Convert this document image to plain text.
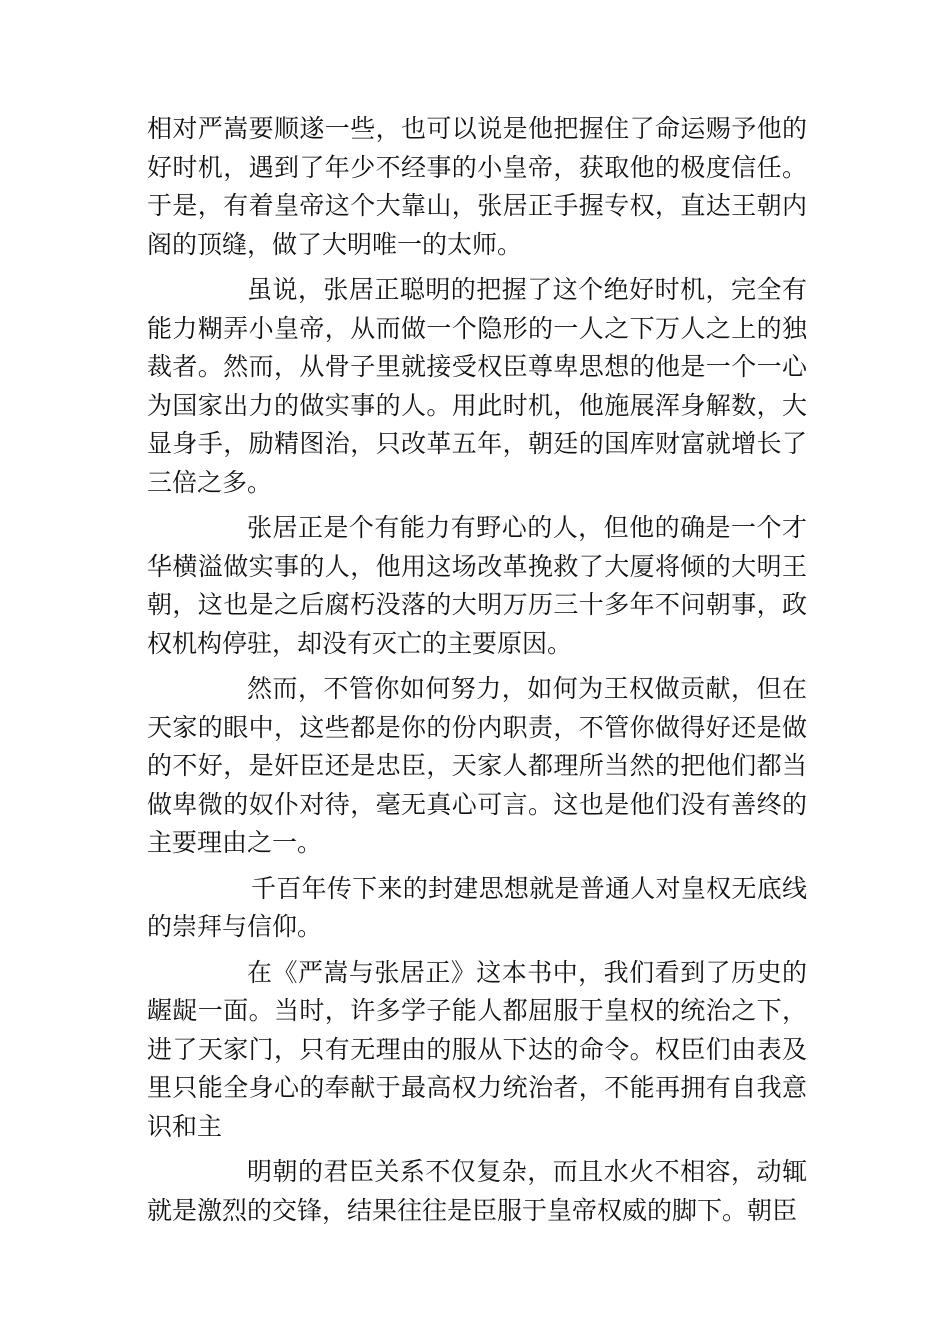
相对严嵩要顺遂一些，也可以说是他把握住了命运赐予他的好时机，遇到了年少不经事的小皇帝，获取他的极度信任。于是，有着皇帝这个大靠山，张居正手握专权，直达王朝内阁的顶缝，做了大明唯一的太师。

虽说，张居正聪明的把握了这个绝好时机，完全有能力糊弄小皇帝，从而做一个隐形的一人之下万人之上的独裁者。然而，从骨子里就接受权臣尊卑思想的他是一个一心为国家出力的做实事的人。用此时机，他施展浑身解数，大显身手，励精图治，只改革五年，朝廷的国库财富就增长了三倍之多。

张居正是个有能力有野心的人，但他的确是一个才华横溢做实事的人，他用这场改革挽救了大厦将倾的大明王朝，这也是之后腐朽没落的大明万历三十多年不问朝事，政权机构停驻，却没有灭亡的主要原因。

然而，不管你如何努力，如何为王权做贡献，但在天家的眼中，这些都是你的份内职责，不管你做得好还是做的不好，是奸臣还是忠臣，天家人都理所当然的把他们都当做卑微的奴仆对待，毫无真心可言。这也是他们没有善终的主要理由之一。

千百年传下来的封建思想就是普通人对皇权无底线的崇拜与信仰。

在《严嵩与张居正》这本书中，我们看到了历史的龌龊一面。当时，许多学子能人都屈服于皇权的统治之下，进了天家门，只有无理由的服从下达的命令。权臣们由表及里只能全身心的奉献于最高权力统治者，不能再拥有自我意识和主

明朝的君臣关系不仅复杂，而且水火不相容，动辄就是激烈的交锋，结果往往是臣服于皇帝权威的脚下。朝臣
